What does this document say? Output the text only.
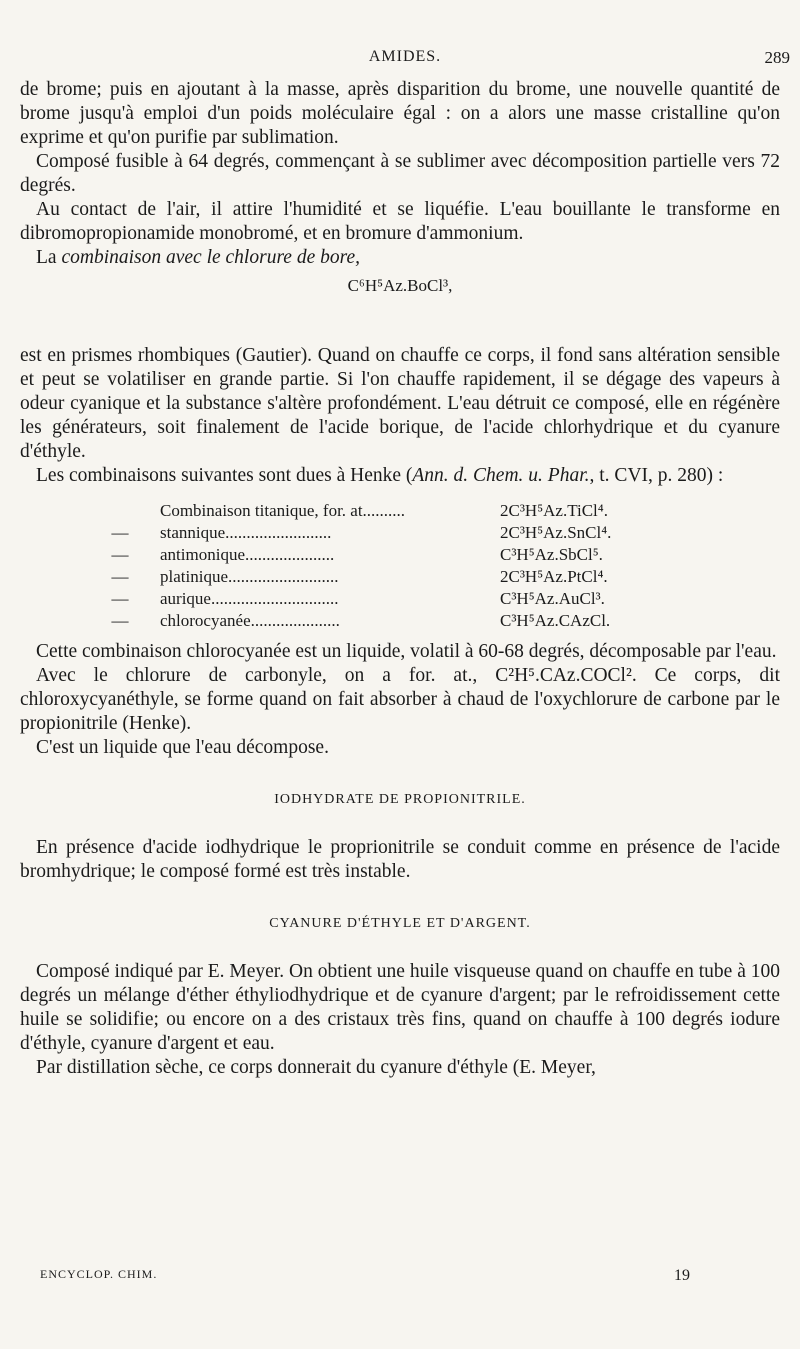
AMIDES.	289

de brome; puis en ajoutant à la masse, après disparition du brome, une nouvelle quantité de brome jusqu'à emploi d'un poids moléculaire égal : on a alors une masse cristalline qu'on exprime et qu'on purifie par sublimation.

Composé fusible à 64 degrés, commençant à se sublimer avec décomposition partielle vers 72 degrés.

Au contact de l'air, il attire l'humidité et se liquéfie. L'eau bouillante le transforme en dibromopropionamide monobromé, et en bromure d'ammonium.

La combinaison avec le chlorure de bore,

C⁶H⁵Az.BoCl³,

est en prismes rhombiques (Gautier). Quand on chauffe ce corps, il fond sans altération sensible et peut se volatiliser en grande partie. Si l'on chauffe rapidement, il se dégage des vapeurs à odeur cyanique et la substance s'altère profondément. L'eau détruit ce composé, elle en régénère les générateurs, soit finalement de l'acide borique, de l'acide chlorhydrique et du cyanure d'éthyle.

Les combinaisons suivantes sont dues à Henke (Ann. d. Chem. u. Phar., t. CVI, p. 280) :

	Combinaison titanique, for. at..........	2C³H⁵Az.TiCl⁴.
—	stannique.........................	2C³H⁵Az.SnCl⁴.
—	antimonique.....................	C³H⁵Az.SbCl⁵.
—	platinique..........................	2C³H⁵Az.PtCl⁴.
—	aurique..............................	C³H⁵Az.AuCl³.
—	chlorocyanée.....................	C³H⁵Az.CAzCl.

Cette combinaison chlorocyanée est un liquide, volatil à 60-68 degrés, décomposable par l'eau.

Avec le chlorure de carbonyle, on a for. at., C²H⁵.CAz.COCl². Ce corps, dit chloroxycyanéthyle, se forme quand on fait absorber à chaud de l'oxychlorure de carbone par le propionitrile (Henke).

C'est un liquide que l'eau décompose.

IODHYDRATE DE PROPIONITRILE.

En présence d'acide iodhydrique le proprionitrile se conduit comme en présence de l'acide bromhydrique; le composé formé est très instable.

CYANURE D'ÉTHYLE ET D'ARGENT.

Composé indiqué par E. Meyer. On obtient une huile visqueuse quand on chauffe en tube à 100 degrés un mélange d'éther éthyliodhydrique et de cyanure d'argent; par le refroidissement cette huile se solidifie; ou encore on a des cristaux très fins, quand on chauffe à 100 degrés iodure d'éthyle, cyanure d'argent et eau.

Par distillation sèche, ce corps donnerait du cyanure d'éthyle (E. Meyer,

ENCYCLOP. CHIM.	19
